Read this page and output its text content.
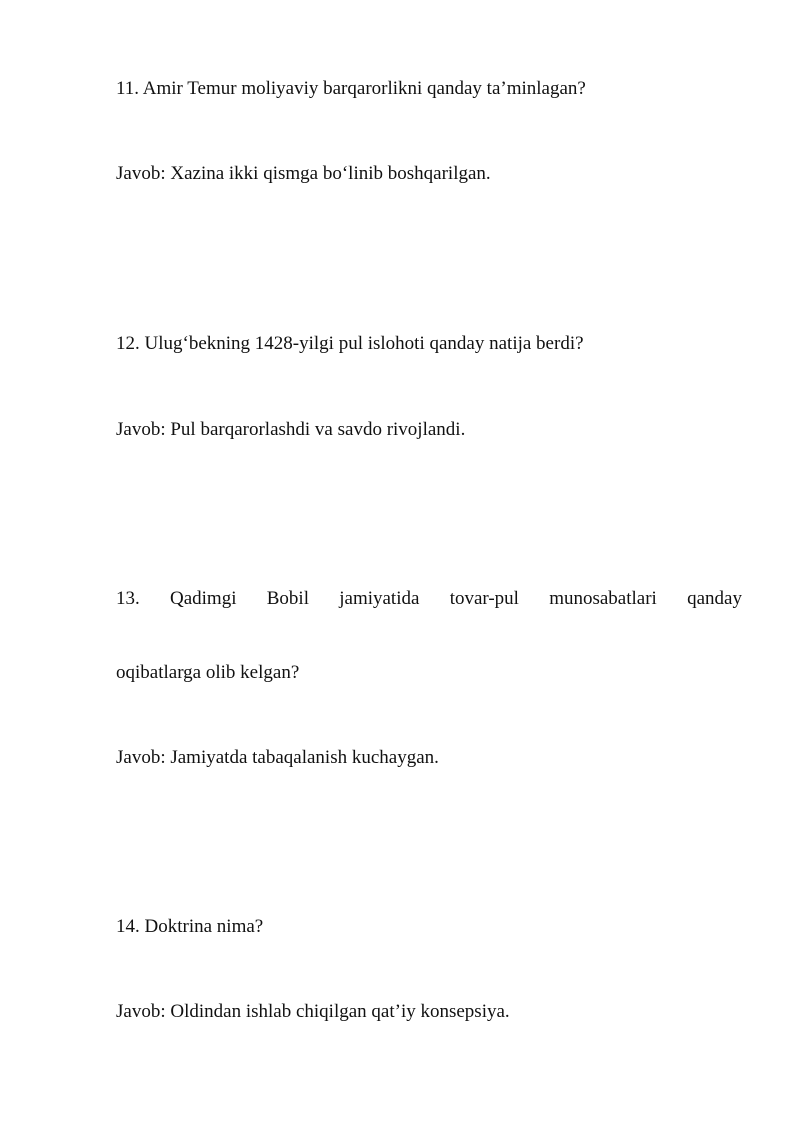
11. Amir Temur moliyaviy barqarorlikni qanday ta’minlagan?

Javob: Xazina ikki qismga bo‘linib boshqarilgan.

12. Ulug‘bekning 1428-yilgi pul islohoti qanday natija berdi?

Javob: Pul barqarorlashdi va savdo rivojlandi.

13. Qadimgi Bobil jamiyatida tovar-pul munosabatlari qanday

oqibatlarga olib kelgan?

Javob: Jamiyatda tabaqalanish kuchaygan.

14. Doktrina nima?

Javob: Oldindan ishlab chiqilgan qat’iy konsepsiya.
